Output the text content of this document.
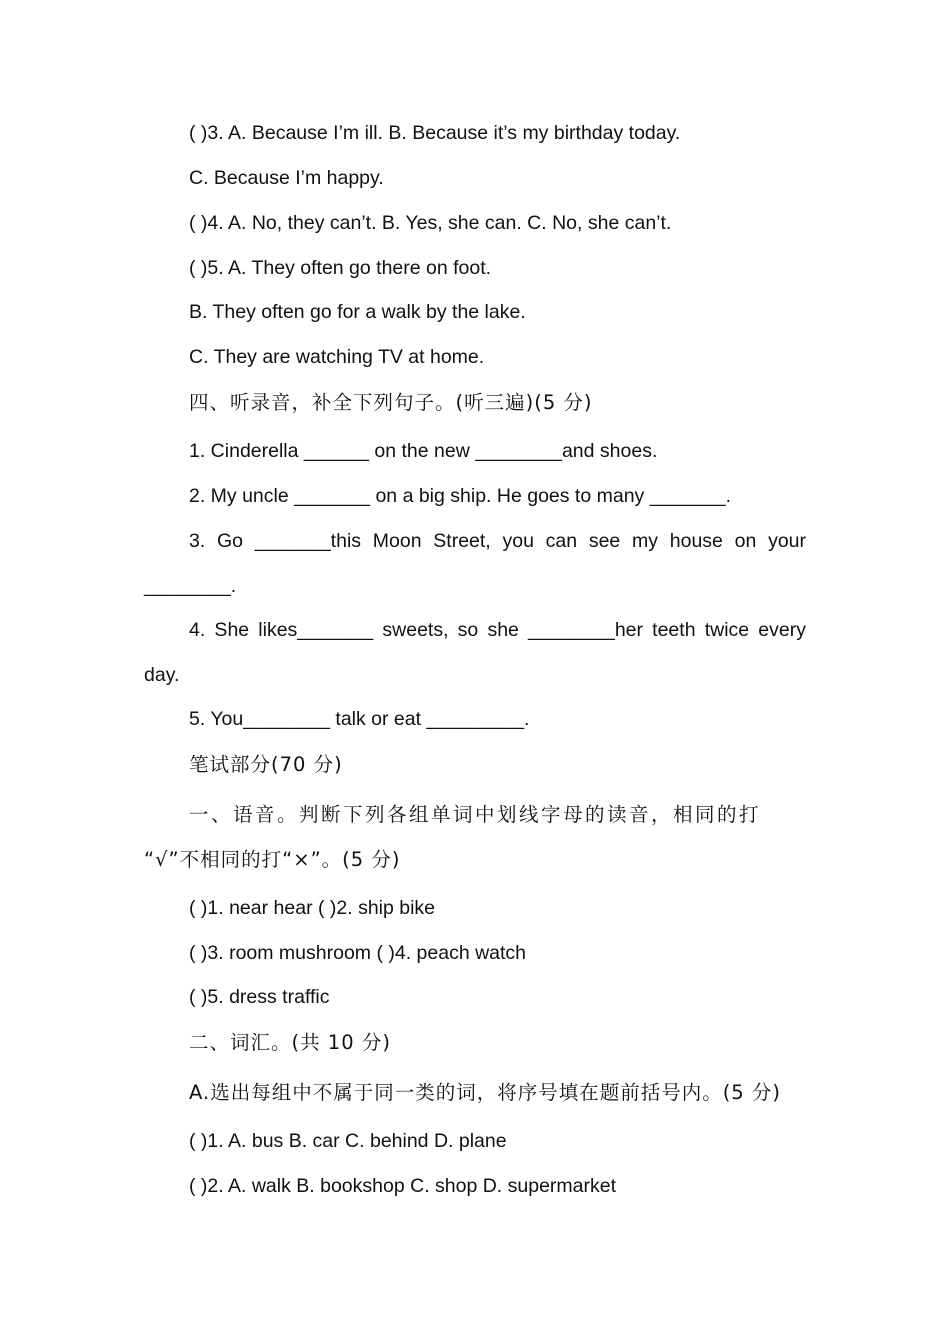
( )3. A. Because I’m ill. B. Because it’s my birthday today.
C. Because I’m happy.
( )4. A. No, they can’t. B. Yes, she can. C. No, she can’t.
( )5. A. They often go there on foot.
B. They often go for a walk by the lake.
C. They are watching TV at home.
四、听录音，补全下列句子。(听三遍)(5 分)
1. Cinderella ______ on the new ________and shoes.
2. My uncle _______ on a big ship. He goes to many _______.
3. Go _______this Moon Street, you can see my house on your
________.
4. She likes_______ sweets, so she ________her teeth twice every
day.
5. You________ talk or eat _________.
笔试部分(70 分)
一、语音。判断下列各组单词中划线字母的读音，相同的打
“√”不相同的打“×”。(5 分)
( )1. near hear ( )2. ship bike
( )3. room mushroom ( )4. peach watch
( )5. dress traffic
二、词汇。(共 10 分)
A.选出每组中不属于同一类的词，将序号填在题前括号内。(5 分)
( )1. A. bus B. car C. behind D. plane
( )2. A. walk B. bookshop C. shop D. supermarket
